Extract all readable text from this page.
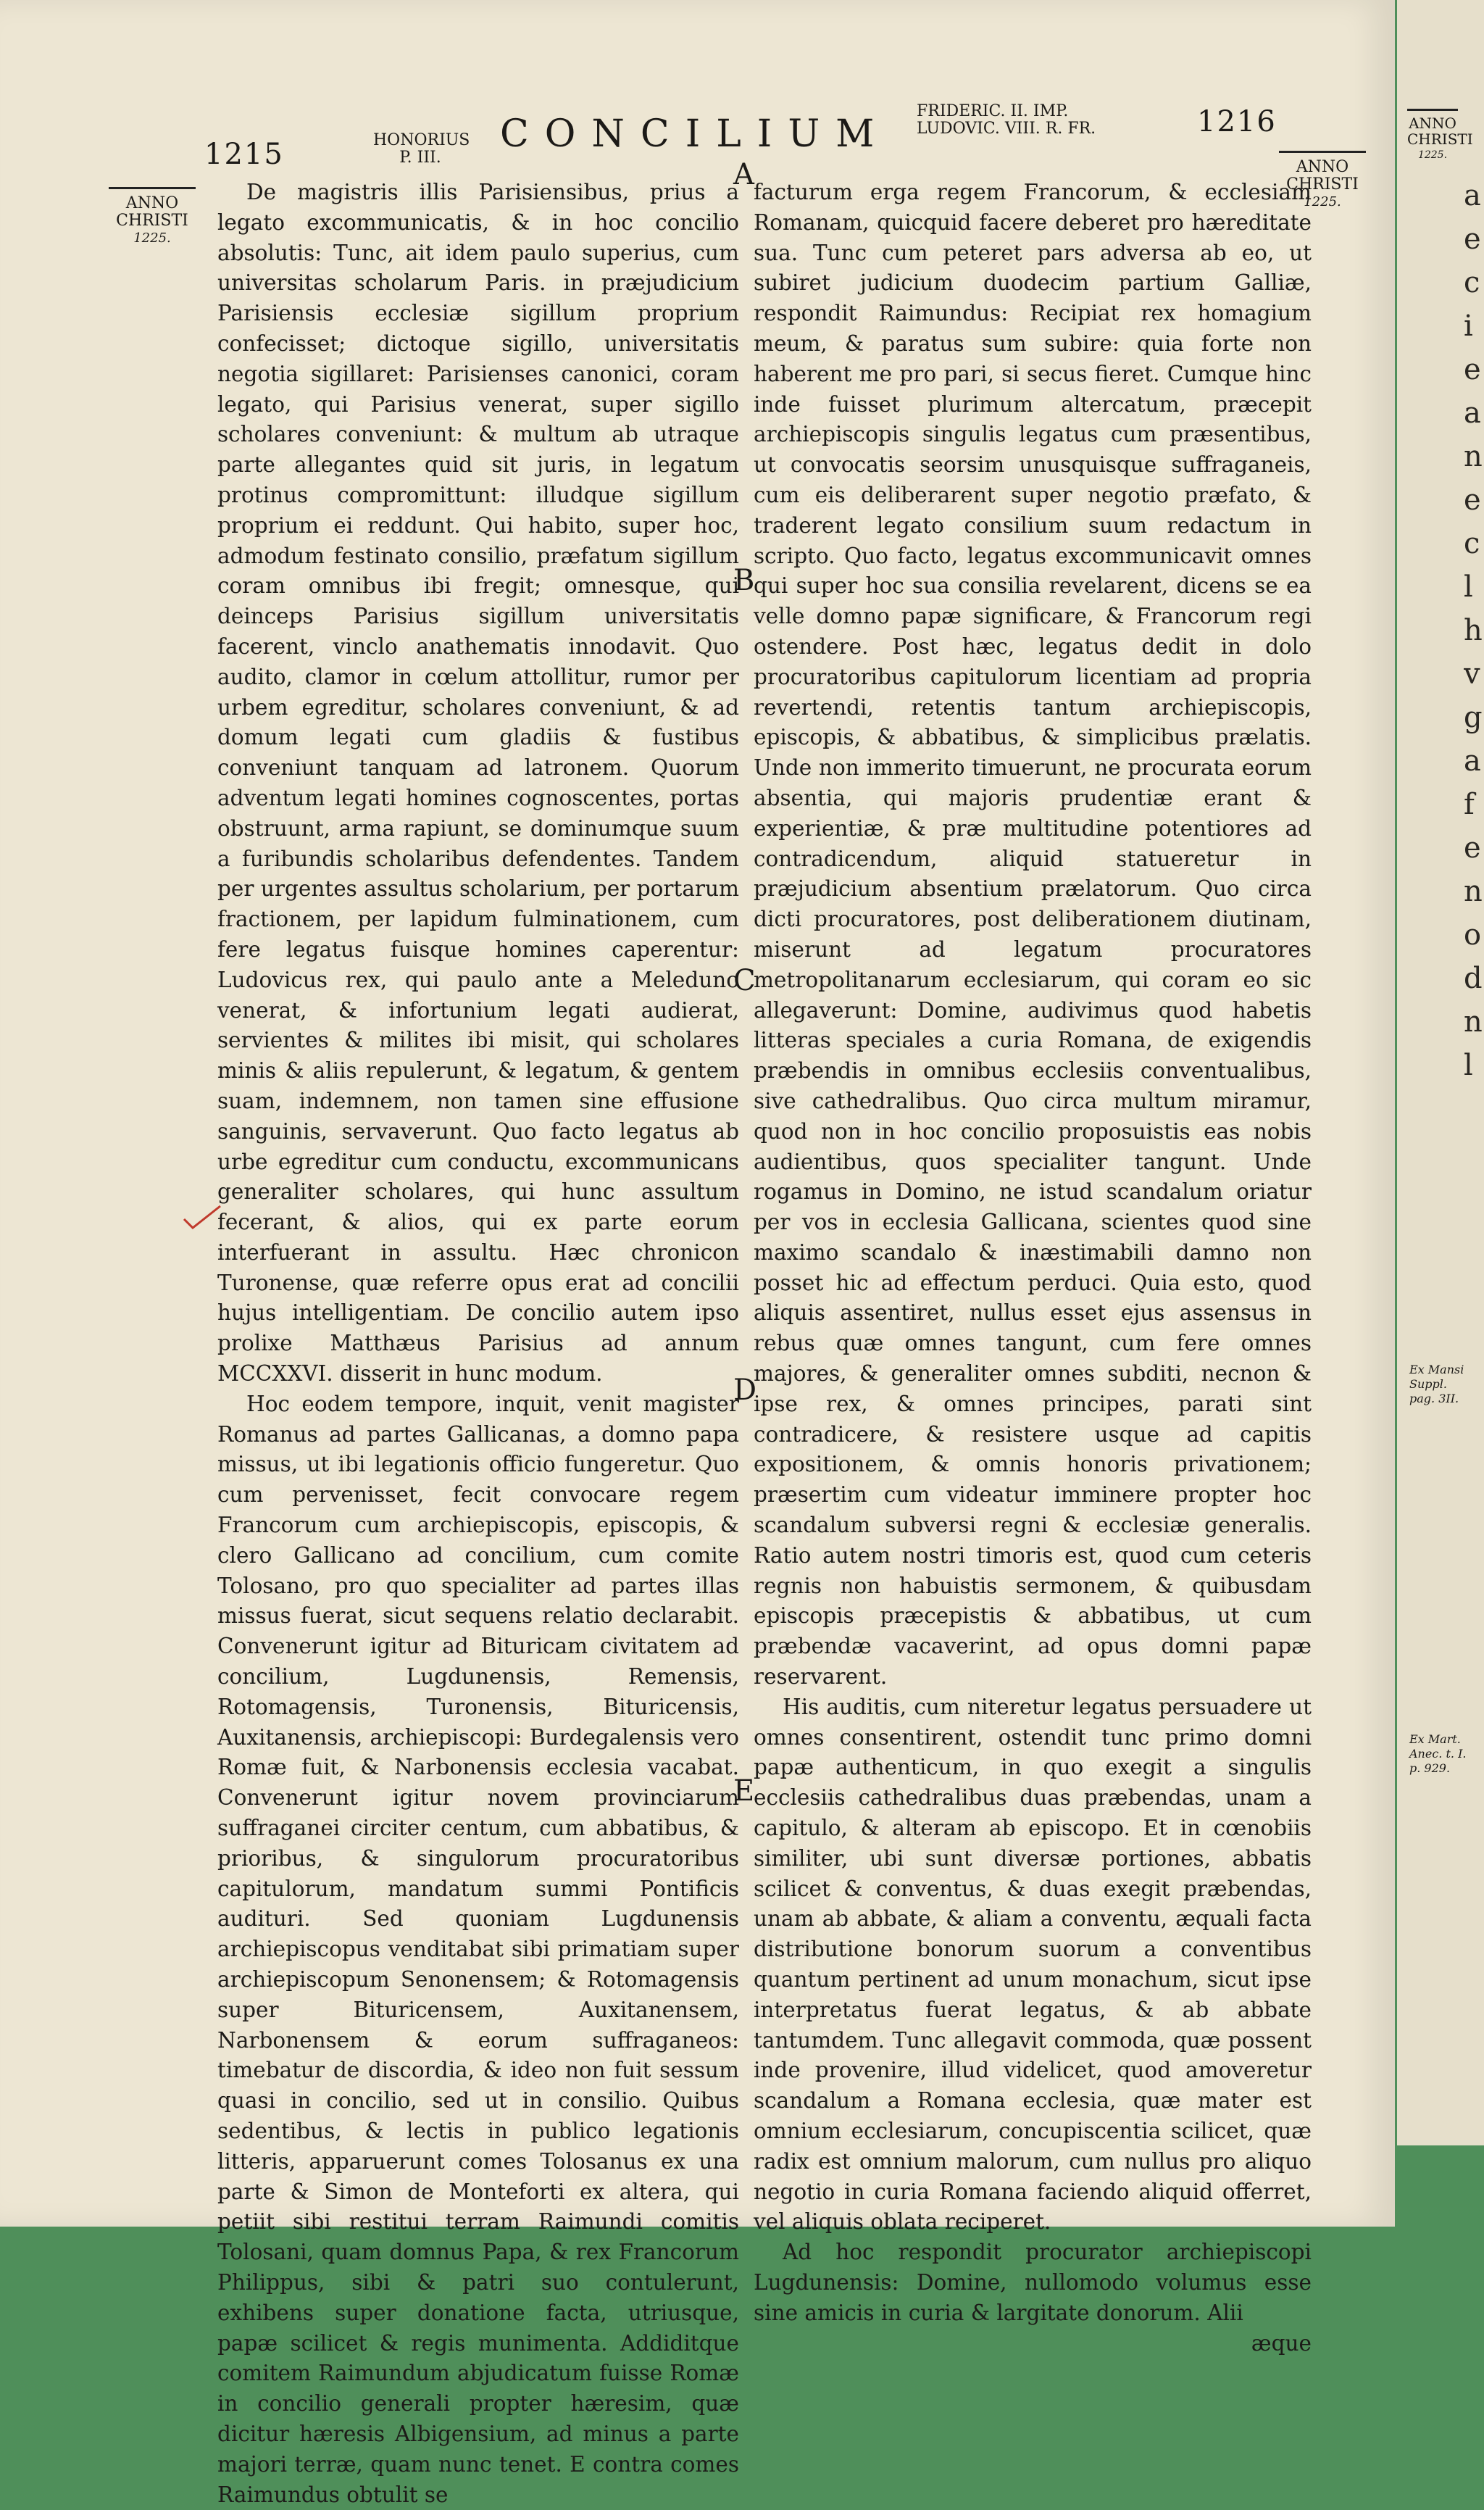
1215	HONORIUS
P. III.
CONCILIUM
FRIDERIC. II. IMP.
LUDOVIC. VIII. R. FR.	1216
ANNO
CHRISTI
1225.
ANNO
CHRISTI
1225.
A
B
C
D
E

De magistris illis Parisiensibus, prius a legato excommunicatis, & in hoc concilio absolutis: Tunc, ait idem paulo superius, cum universitas scholarum Paris. in præjudicium Parisiensis ecclesiæ sigillum proprium confecisset; dictoque sigillo, universitatis negotia sigillaret: Parisienses canonici, coram legato, qui Parisius venerat, super sigillo scholares conveniunt: & multum ab utraque parte allegantes quid sit juris, in legatum protinus compromittunt: illudque sigillum proprium ei reddunt. Qui habito, super hoc, admodum festinato consilio, præfatum sigillum coram omnibus ibi fregit; omnesque, qui deinceps Parisius sigillum universitatis facerent, vinclo anathematis innodavit. Quo audito, clamor in cœlum attollitur, rumor per urbem egreditur, scholares conveniunt, & ad domum legati cum gladiis & fustibus conveniunt tanquam ad latronem. Quorum adventum legati homines cognoscentes, portas obstruunt, arma rapiunt, se dominumque suum a furibundis scholaribus defendentes. Tandem per urgentes assultus scholarium, per portarum fractionem, per lapidum fulminationem, cum fere legatus fuisque homines caperentur: Ludovicus rex, qui paulo ante a Meleduno venerat, & infortunium legati audierat, servientes & milites ibi misit, qui scholares minis & aliis repulerunt, & legatum, & gentem suam, indemnem, non tamen sine effusione sanguinis, servaverunt. Quo facto legatus ab urbe egreditur cum conductu, excommunicans generaliter scholares, qui hunc assultum fecerant, & alios, qui ex parte eorum interfuerant in assultu. Hæc chronicon Turonense, quæ referre opus erat ad concilii hujus intelligentiam. De concilio autem ipso prolixe Matthæus Parisius ad annum MCCXXVI. disserit in hunc modum.

Hoc eodem tempore, inquit, venit magister Romanus ad partes Gallicanas, a domno papa missus, ut ibi legationis officio fungeretur. Quo cum pervenisset, fecit convocare regem Francorum cum archiepiscopis, episcopis, & clero Gallicano ad concilium, cum comite Tolosano, pro quo specialiter ad partes illas missus fuerat, sicut sequens relatio declarabit. Convenerunt igitur ad Bituricam civitatem ad concilium, Lugdunensis, Remensis, Rotomagensis, Turonensis, Bituricensis, Auxitanensis, archiepiscopi: Burdegalensis vero Romæ fuit, & Narbonensis ecclesia vacabat. Convenerunt igitur novem provinciarum suffraganei circiter centum, cum abbatibus, & prioribus, & singulorum procuratoribus capitulorum, mandatum summi Pontificis audituri. Sed quoniam Lugdunensis archiepiscopus venditabat sibi primatiam super archiepiscopum Senonensem; & Rotomagensis super Bituricensem, Auxitanensem, Narbonensem & eorum suffraganeos: timebatur de discordia, & ideo non fuit sessum quasi in concilio, sed ut in consilio. Quibus sedentibus, & lectis in publico legationis litteris, apparuerunt comes Tolosanus ex una parte & Simon de Monteforti ex altera, qui petiit sibi restitui terram Raimundi comitis Tolosani, quam domnus Papa, & rex Francorum Philippus, sibi & patri suo contulerunt, exhibens super donatione facta, utriusque, papæ scilicet & regis munimenta. Addiditque comitem Raimundum abjudicatum fuisse Romæ in concilio generali propter hæresim, quæ dicitur hæresis Albigensium, ad minus a parte majori terræ, quam nunc tenet. E contra comes Raimundus obtulit se

facturum erga regem Francorum, & ecclesiam Romanam, quicquid facere deberet pro hæreditate sua. Tunc cum peteret pars adversa ab eo, ut subiret judicium duodecim partium Galliæ, respondit Raimundus: Recipiat rex homagium meum, & paratus sum subire: quia forte non haberent me pro pari, si secus fieret. Cumque hinc inde fuisset plurimum altercatum, præcepit archiepiscopis singulis legatus cum præsentibus, ut convocatis seorsim unusquisque suffraganeis, cum eis deliberarent super negotio præfato, & traderent legato consilium suum redactum in scripto. Quo facto, legatus excommunicavit omnes qui super hoc sua consilia revelarent, dicens se ea velle domno papæ significare, & Francorum regi ostendere. Post hæc, legatus dedit in dolo procuratoribus capitulorum licentiam ad propria revertendi, retentis tantum archiepiscopis, episcopis, & abbatibus, & simplicibus prælatis. Unde non immerito timuerunt, ne procurata eorum absentia, qui majoris prudentiæ erant & experientiæ, & præ multitudine potentiores ad contradicendum, aliquid statueretur in præjudicium absentium prælatorum. Quo circa dicti procuratores, post deliberationem diutinam, miserunt ad legatum procuratores metropolitanarum ecclesiarum, qui coram eo sic allegaverunt: Domine, audivimus quod habetis litteras speciales a curia Romana, de exigendis præbendis in omnibus ecclesiis conventualibus, sive cathedralibus. Quo circa multum miramur, quod non in hoc concilio proposuistis eas nobis audientibus, quos specialiter tangunt. Unde rogamus in Domino, ne istud scandalum oriatur per vos in ecclesia Gallicana, scientes quod sine maximo scandalo & inæstimabili damno non posset hic ad effectum perduci. Quia esto, quod aliquis assentiret, nullus esset ejus assensus in rebus quæ omnes tangunt, cum fere omnes majores, & generaliter omnes subditi, necnon & ipse rex, & omnes principes, parati sint contradicere, & resistere usque ad capitis expositionem, & omnis honoris privationem; præsertim cum videatur imminere propter hoc scandalum subversi regni & ecclesiæ generalis. Ratio autem nostri timoris est, quod cum ceteris regnis non habuistis sermonem, & quibusdam episcopis præcepistis & abbatibus, ut cum præbendæ vacaverint, ad opus domni papæ reservarent.

His auditis, cum niteretur legatus persuadere ut omnes consentirent, ostendit tunc primo domni papæ authenticum, in quo exegit a singulis ecclesiis cathedralibus duas præbendas, unam a capitulo, & alteram ab episcopo. Et in cœnobiis similiter, ubi sunt diversæ portiones, abbatis scilicet & conventus, & duas exegit præbendas, unam ab abbate, & aliam a conventu, æquali facta distributione bonorum suorum a conventibus quantum pertinent ad unum monachum, sicut ipse interpretatus fuerat legatus, & ab abbate tantumdem. Tunc allegavit commoda, quæ possent inde provenire, illud videlicet, quod amoveretur scandalum a Romana ecclesia, quæ mater est omnium ecclesiarum, concupiscentia scilicet, quæ radix est omnium malorum, cum nullus pro aliquo negotio in curia Romana faciendo aliquid offerret, vel aliquis oblata reciperet.

Ad hoc respondit procurator archiepiscopi Lugdunensis: Domine, nullomodo volumus esse sine amicis in curia & largitate donorum. Alii

æque
ANNO
CHRISTI
1225.
a e c i e a n e c l h v g a f e n o d n l
Ex Mansi Suppl. pag. 3II.
Ex Mart. Anec. t. I. p. 929.
